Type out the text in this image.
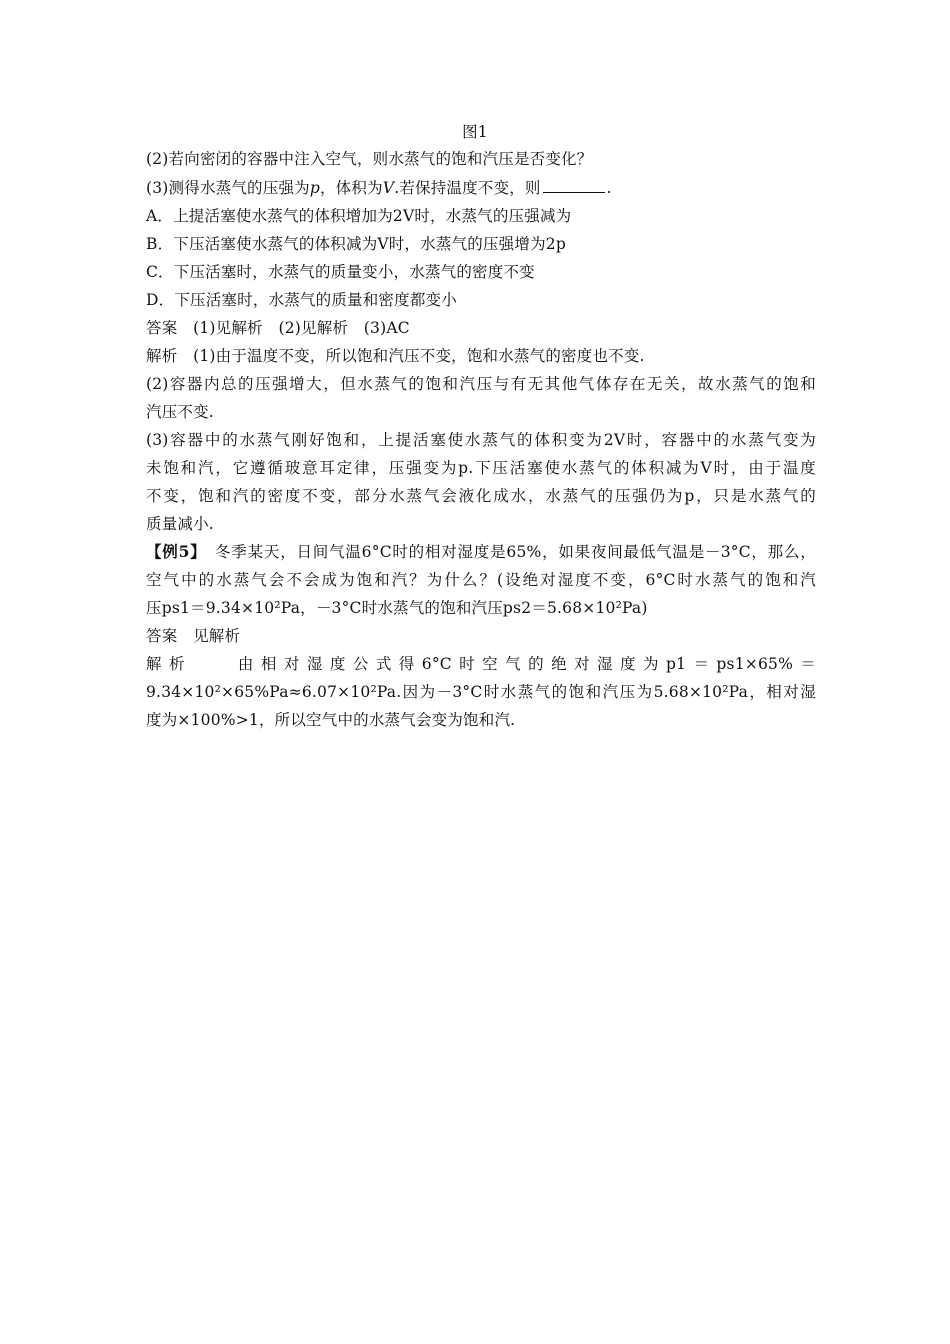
图1
(2)若向密闭的容器中注入空气，则水蒸气的饱和汽压是否变化？
(3)测得水蒸气的压强为p，体积为V.若保持温度不变，则	.
A．上提活塞使水蒸气的体积增加为2V时，水蒸气的压强减为
B．下压活塞使水蒸气的体积减为V时，水蒸气的压强增为2p
C．下压活塞时，水蒸气的质量变小，水蒸气的密度不变
D．下压活塞时，水蒸气的质量和密度都变小
答案　(1)见解析　(2)见解析　(3)AC
解析　(1)由于温度不变，所以饱和汽压不变，饱和水蒸气的密度也不变.
(2)容器内总的压强增大，但水蒸气的饱和汽压与有无其他气体存在无关，故水蒸气的饱和
汽压不变.
(3)容器中的水蒸气刚好饱和，上提活塞使水蒸气的体积变为2V时，容器中的水蒸气变为
未饱和汽，它遵循玻意耳定律，压强变为p.下压活塞使水蒸气的体积减为V时，由于温度
不变，饱和汽的密度不变，部分水蒸气会液化成水，水蒸气的压强仍为p，只是水蒸气的
质量减小.
【例5】　冬季某天，日间气温6°C时的相对湿度是65%，如果夜间最低气温是－3°C，那么，
空气中的水蒸气会不会成为饱和汽？为什么？(设绝对湿度不变，6°C时水蒸气的饱和汽
压ps1＝9.34×10²Pa，－3°C时水蒸气的饱和汽压ps2＝5.68×10²Pa)
答案　见解析
解析　　由相对湿度公式得6°C时空气的绝对湿度为p1＝ps1×65%＝
9.34×10²×65%Pa≈6.07×10²Pa.因为－3°C时水蒸气的饱和汽压为5.68×10²Pa，相对湿
度为×100%>1，所以空气中的水蒸气会变为饱和汽.
